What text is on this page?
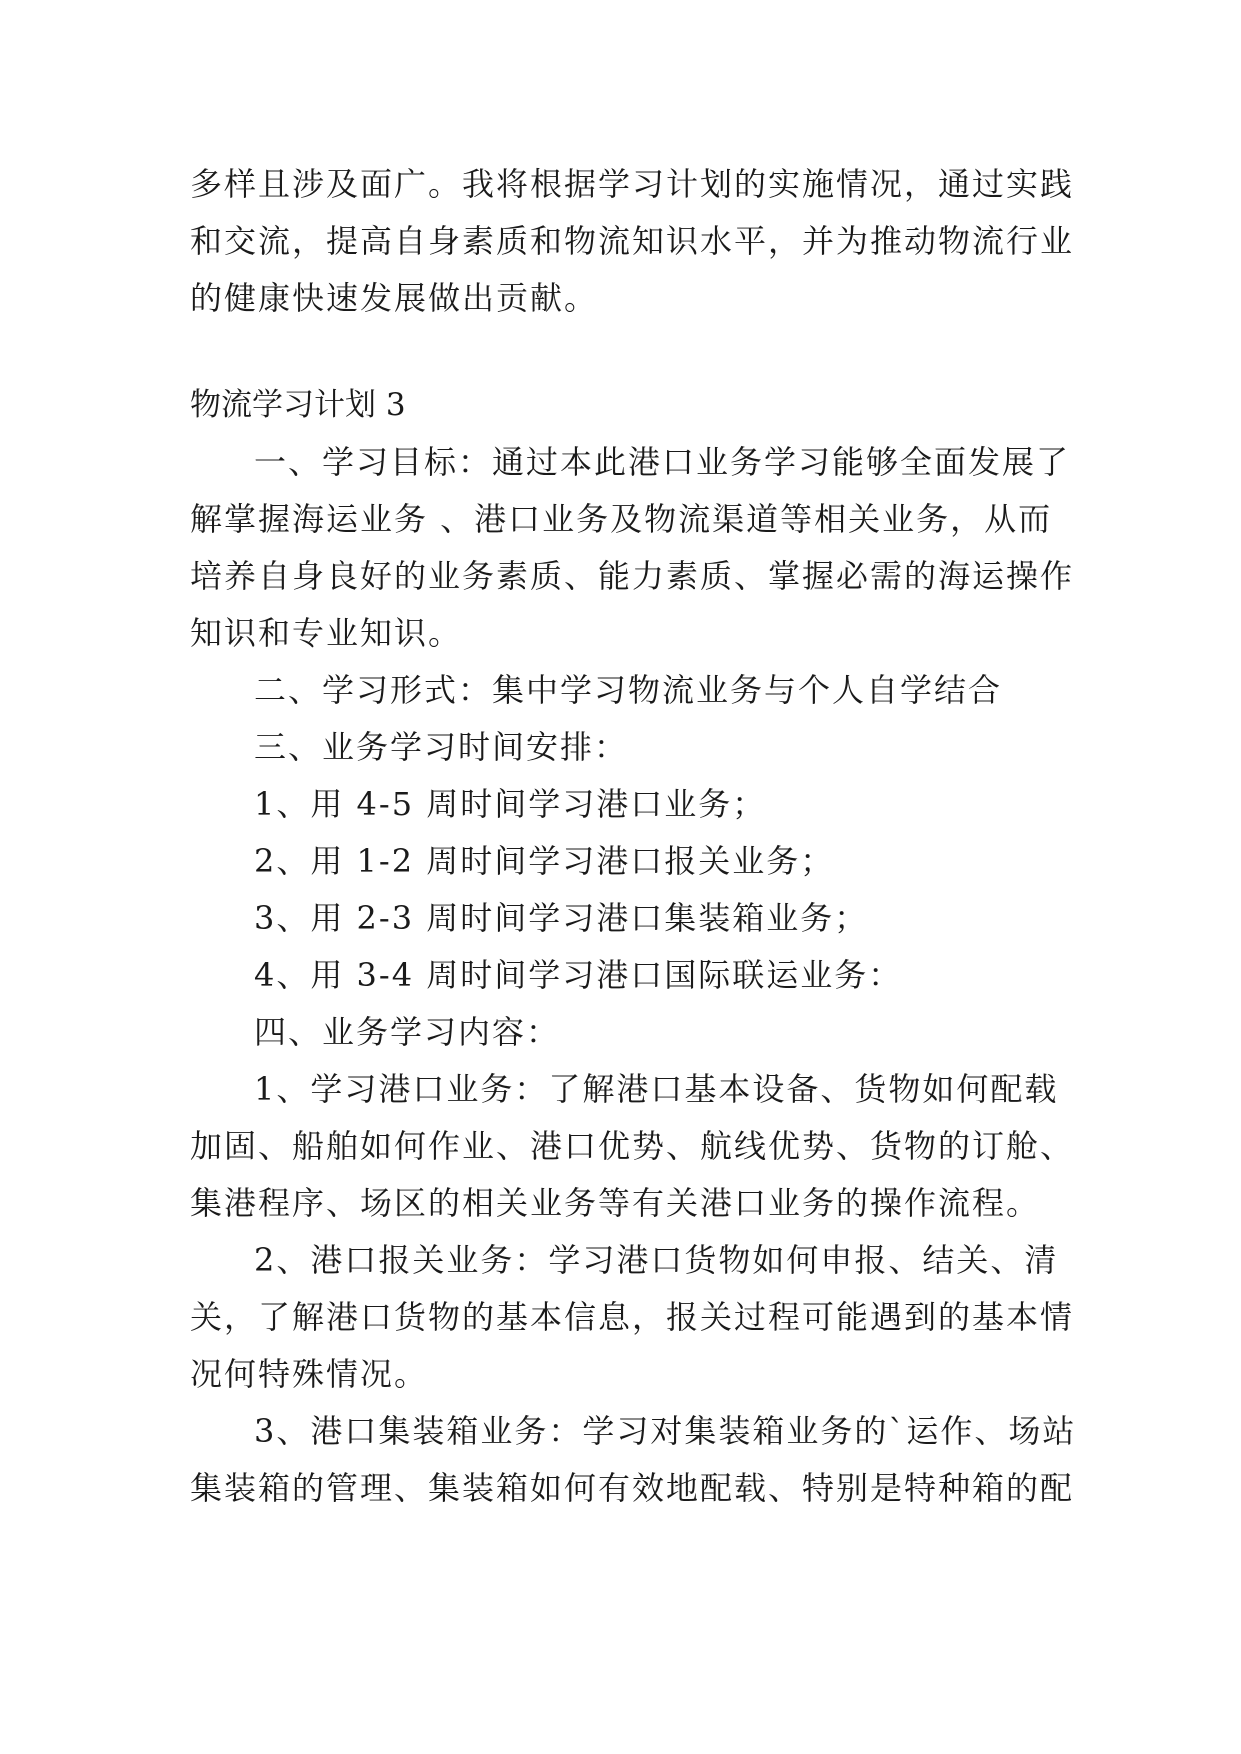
多样且涉及面广。我将根据学习计划的实施情况，通过实践
和交流，提高自身素质和物流知识水平，并为推动物流行业
的健康快速发展做出贡献。
物流学习计划 3
一、学习目标：通过本此港口业务学习能够全面发展了
解掌握海运业务 、港口业务及物流渠道等相关业务，从而
培养自身良好的业务素质、能力素质、掌握必需的海运操作
知识和专业知识。
二、学习形式：集中学习物流业务与个人自学结合
三、业务学习时间安排：
1、用 4-5 周时间学习港口业务；
2、用 1-2 周时间学习港口报关业务；
3、用 2-3 周时间学习港口集装箱业务；
4、用 3-4 周时间学习港口国际联运业务：
四、业务学习内容：
1、学习港口业务：了解港口基本设备、货物如何配载
加固、船舶如何作业、港口优势、航线优势、货物的订舱、
集港程序、场区的相关业务等有关港口业务的操作流程。
2、港口报关业务：学习港口货物如何申报、结关、清
关，了解港口货物的基本信息，报关过程可能遇到的基本情
况何特殊情况。
3、港口集装箱业务：学习对集装箱业务的`运作、场站
集装箱的管理、集装箱如何有效地配载、特别是特种箱的配
